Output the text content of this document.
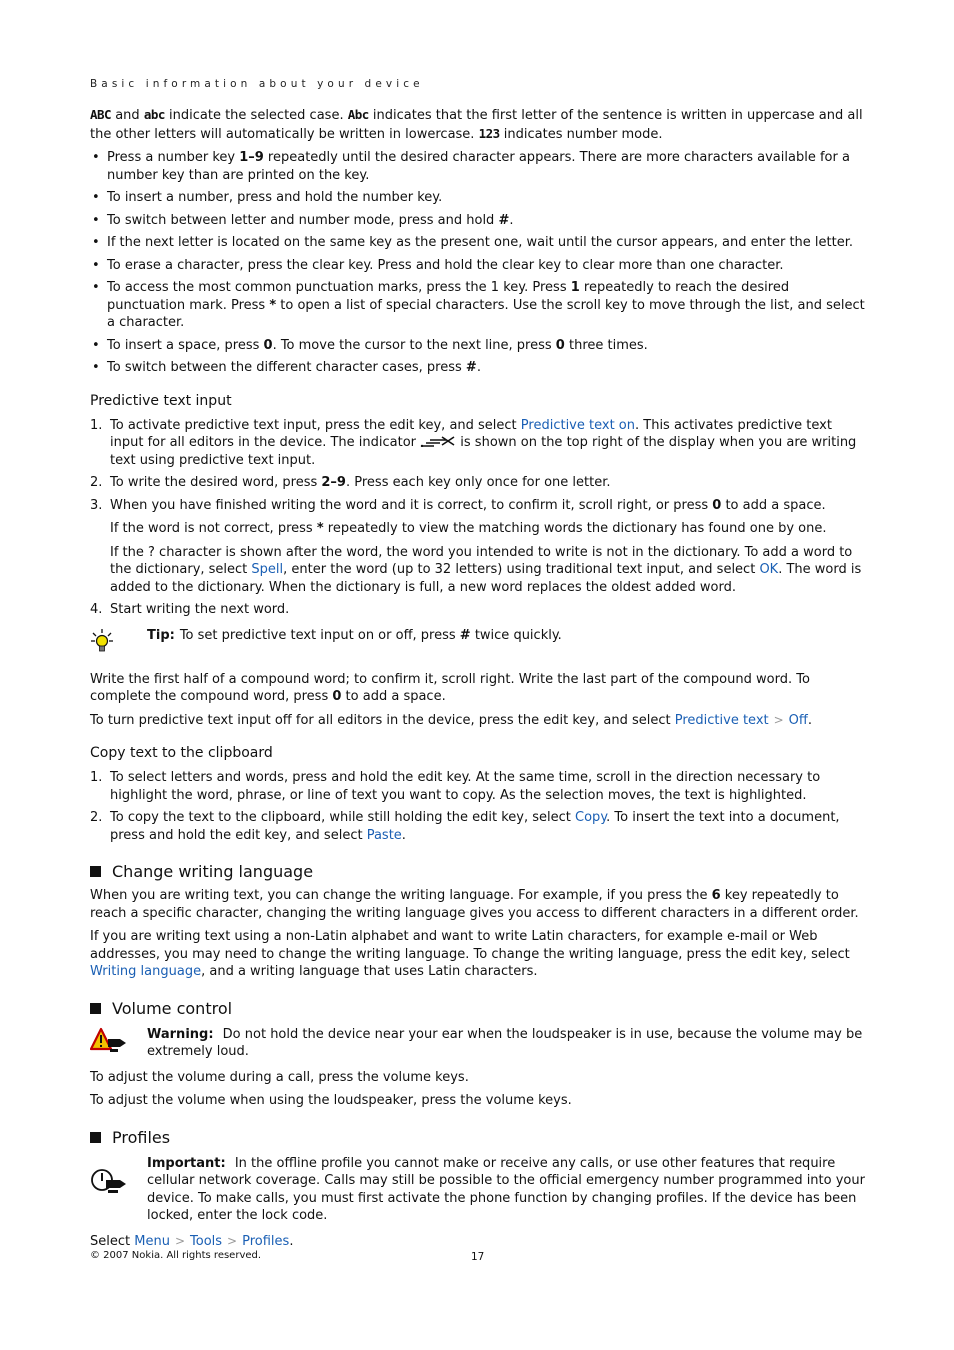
Basic information about your device

ABC and abc indicate the selected case. Abc indicates that the first letter of the sentence is written in uppercase and all the other letters will automatically be written in lowercase. 123 indicates number mode.

• Press a number key 1–9 repeatedly until the desired character appears. There are more characters available for a number key than are printed on the key.
• To insert a number, press and hold the number key.
• To switch between letter and number mode, press and hold #.
• If the next letter is located on the same key as the present one, wait until the cursor appears, and enter the letter.
• To erase a character, press the clear key. Press and hold the clear key to clear more than one character.
• To access the most common punctuation marks, press the 1 key. Press 1 repeatedly to reach the desired punctuation mark. Press * to open a list of special characters. Use the scroll key to move through the list, and select a character.
• To insert a space, press 0. To move the cursor to the next line, press 0 three times.
• To switch between the different character cases, press #.
Predictive text input
1. To activate predictive text input, press the edit key, and select Predictive text on. This activates predictive text input for all editors in the device. The indicator	is shown on the top right of the display when you are writing text using predictive text input.
2. To write the desired word, press 2–9. Press each key only once for one letter.
3. When you have finished writing the word and it is correct, to confirm it, scroll right, or press 0 to add a space.

If the word is not correct, press * repeatedly to view the matching words the dictionary has found one by one.

If the ? character is shown after the word, the word you intended to write is not in the dictionary. To add a word to the dictionary, select Spell, enter the word (up to 32 letters) using traditional text input, and select OK. The word is added to the dictionary. When the dictionary is full, a new word replaces the oldest added word.

4. Start writing the next word.
Tip: To set predictive text input on or off, press # twice quickly.

Write the first half of a compound word; to confirm it, scroll right. Write the last part of the compound word. To complete the compound word, press 0 to add a space.

To turn predictive text input off for all editors in the device, press the edit key, and select Predictive text > Off.

Copy text to the clipboard
1. To select letters and words, press and hold the edit key. At the same time, scroll in the direction necessary to highlight the word, phrase, or line of text you want to copy. As the selection moves, the text is highlighted.
2. To copy the text to the clipboard, while still holding the edit key, select Copy. To insert the text into a document, press and hold the edit key, and select Paste.
Change writing language

When you are writing text, you can change the writing language. For example, if you press the 6 key repeatedly to reach a specific character, changing the writing language gives you access to different characters in a different order.

If you are writing text using a non-Latin alphabet and want to write Latin characters, for example e-mail or Web addresses, you may need to change the writing language. To change the writing language, press the edit key, select Writing language, and a writing language that uses Latin characters.

Volume control
Warning: Do not hold the device near your ear when the loudspeaker is in use, because the volume may be extremely loud.

To adjust the volume during a call, press the volume keys.

To adjust the volume when using the loudspeaker, press the volume keys.

Profiles
Important: In the offline profile you cannot make or receive any calls, or use other features that require cellular network coverage. Calls may still be possible to the official emergency number programmed into your device. To make calls, you must first activate the phone function by changing profiles. If the device has been locked, enter the lock code.

Select Menu > Tools > Profiles.

© 2007 Nokia. All rights reserved.	17
